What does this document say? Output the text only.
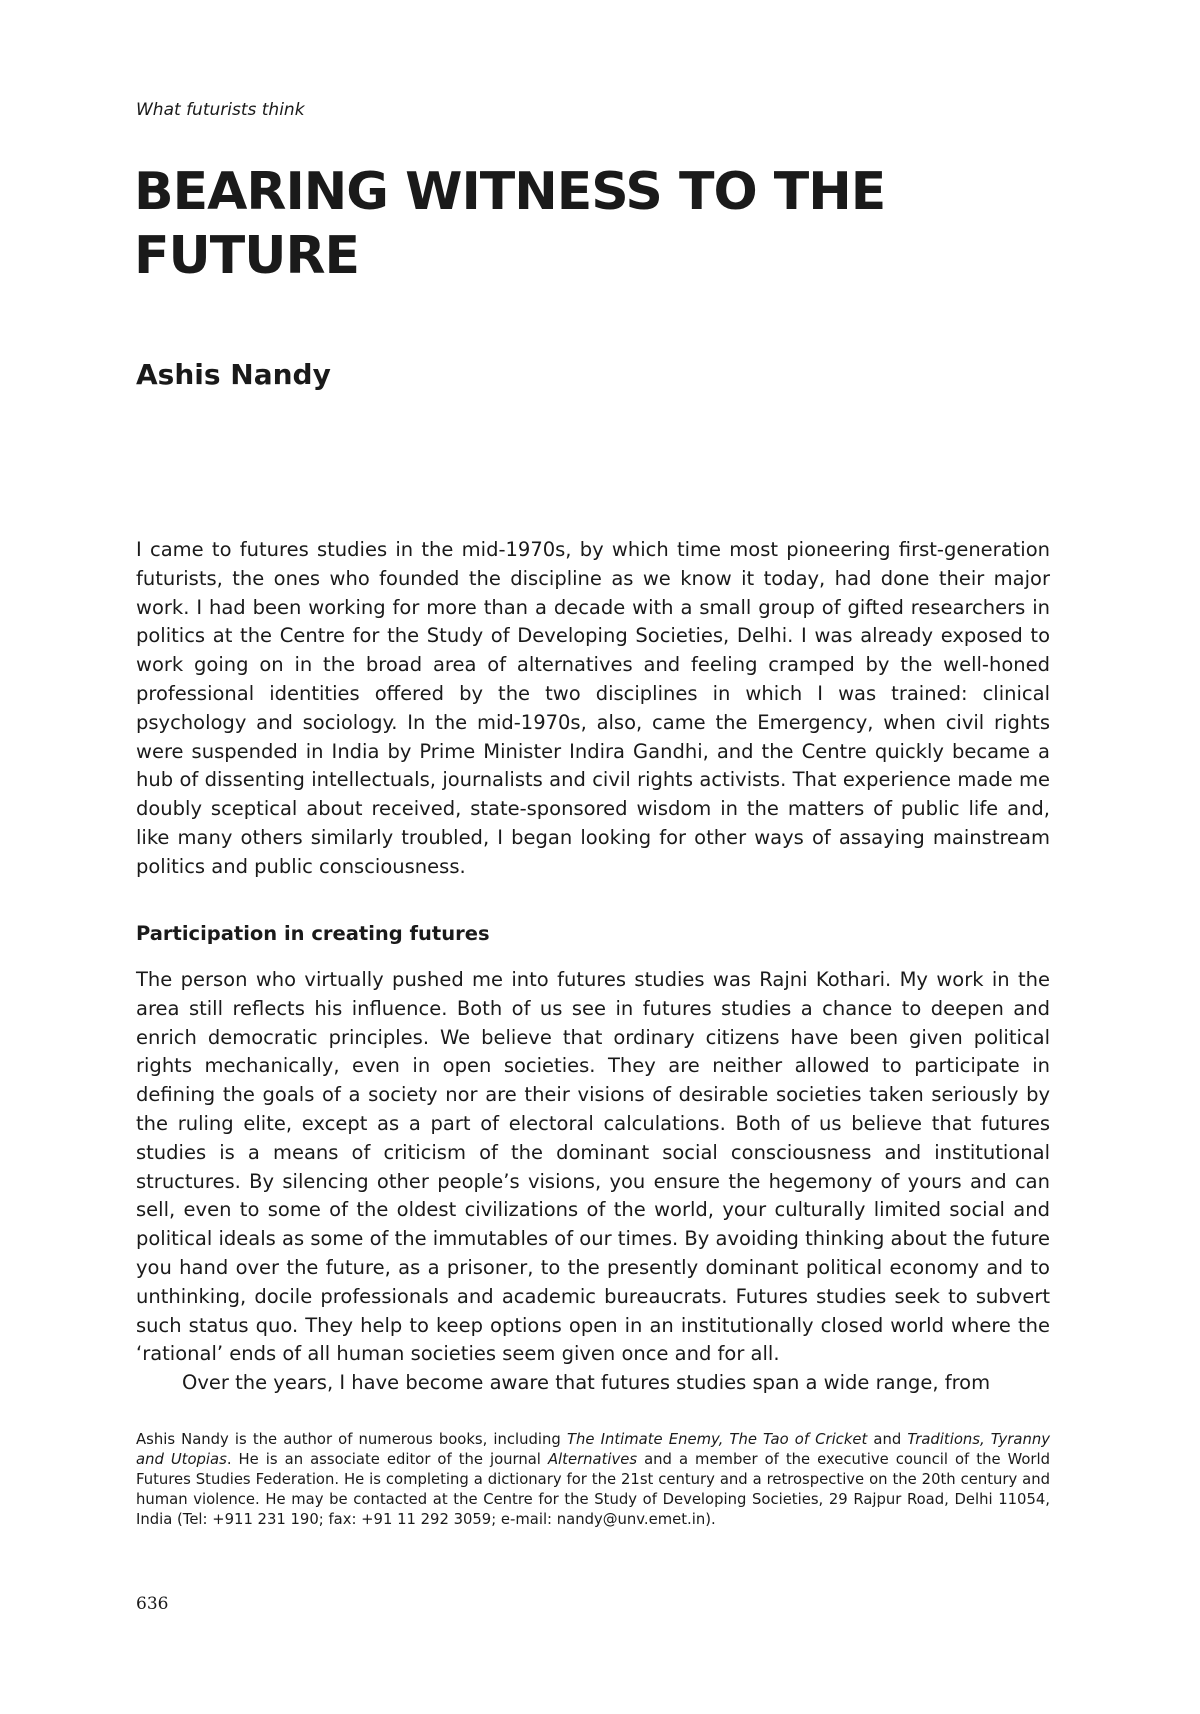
What futurists think
BEARING WITNESS TO THE FUTURE
Ashis Nandy

I came to futures studies in the mid-1970s, by which time most pioneering first-generation futurists, the ones who founded the discipline as we know it today, had done their major work. I had been working for more than a decade with a small group of gifted researchers in politics at the Centre for the Study of Developing Societies, Delhi. I was already exposed to work going on in the broad area of alternatives and feeling cramped by the well-honed professional identities offered by the two disciplines in which I was trained: clinical psychology and sociology. In the mid-1970s, also, came the Emergency, when civil rights were suspended in India by Prime Minister Indira Gandhi, and the Centre quickly became a hub of dissenting intellectuals, journalists and civil rights activists. That experience made me doubly sceptical about received, state-sponsored wisdom in the matters of public life and, like many others similarly troubled, I began looking for other ways of assaying mainstream politics and public consciousness.

Participation in creating futures

The person who virtually pushed me into futures studies was Rajni Kothari. My work in the area still reflects his influence. Both of us see in futures studies a chance to deepen and enrich democratic principles. We believe that ordinary citizens have been given political rights mechanically, even in open societies. They are neither allowed to participate in defining the goals of a society nor are their visions of desirable societies taken seriously by the ruling elite, except as a part of electoral calculations. Both of us believe that futures studies is a means of criticism of the dominant social consciousness and institutional structures. By silencing other people’s visions, you ensure the hegemony of yours and can sell, even to some of the oldest civilizations of the world, your culturally limited social and political ideals as some of the immutables of our times. By avoiding thinking about the future you hand over the future, as a prisoner, to the presently dominant political economy and to unthinking, docile professionals and academic bureaucrats. Futures studies seek to subvert such status quo. They help to keep options open in an institutionally closed world where the ‘rational’ ends of all human societies seem given once and for all.

Over the years, I have become aware that futures studies span a wide range, from

Ashis Nandy is the author of numerous books, including The Intimate Enemy, The Tao of Cricket and Traditions, Tyranny and Utopias. He is an associate editor of the journal Alternatives and a member of the executive council of the World Futures Studies Federation. He is completing a dictionary for the 21st century and a retrospective on the 20th century and human violence. He may be contacted at the Centre for the Study of Developing Societies, 29 Rajpur Road, Delhi 11054, India (Tel: +911 231 190; fax: +91 11 292 3059; e-mail: nandy@unv.emet.in).

636
